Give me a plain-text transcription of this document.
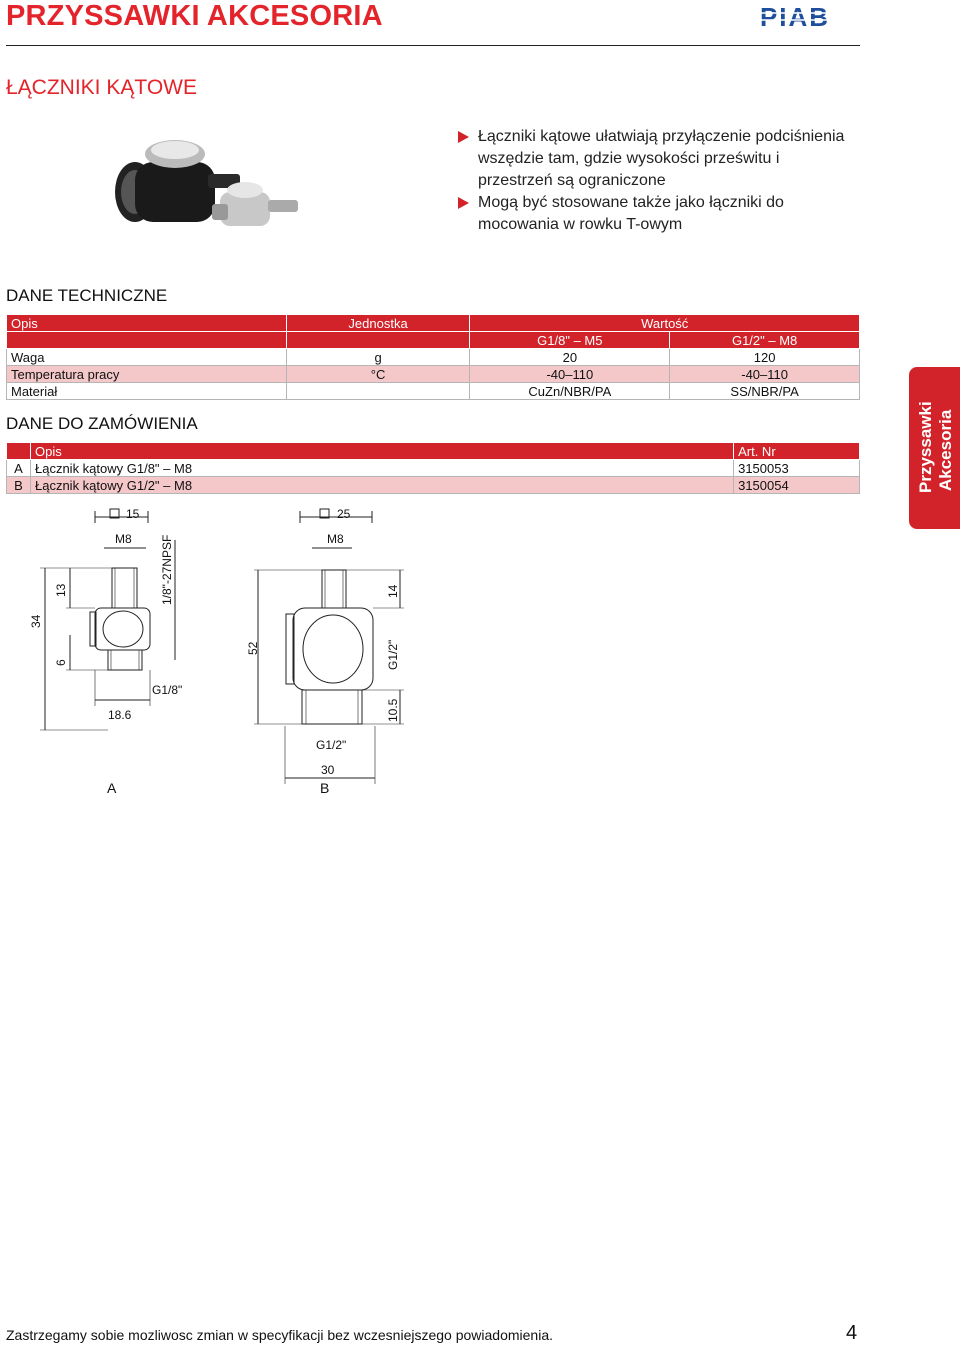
PRZYSSAWKI AKCESORIA	PIAB
ŁĄCZNIKI KĄTOWE
Łączniki kątowe ułatwiają przyłączenie podciśnienia wszędzie tam, gdzie wysokości prześwitu i przestrzeń są ograniczone
Mogą być stosowane także jako łączniki do mocowania w rowku T-owym
DANE TECHNICZNE
Opis	Jednostka	Wartość	
		G1/8" – M5	G1/2" – M8
Waga	g	20	120
Temperatura pracy	°C	-40–110	-40–110
Materiał		CuZn/NBR/PA	SS/NBR/PA
DANE DO ZAMÓWIENIA
	Opis	Art. Nr
A	Łącznik kątowy G1/8" – M8	3150053
B	Łącznik kątowy G1/2" – M8	3150054	Przyssawki Akcesoria
15
M8 1/8"-27NPSF
13
34
6
G1/8"
18.6
A
25
M8
14
52	G1/2"
10.5
G1/2"
30
B
Zastrzegamy sobie mozliwosc zmian w specyfikacji bez wczesniejszego powiadomienia.	4
